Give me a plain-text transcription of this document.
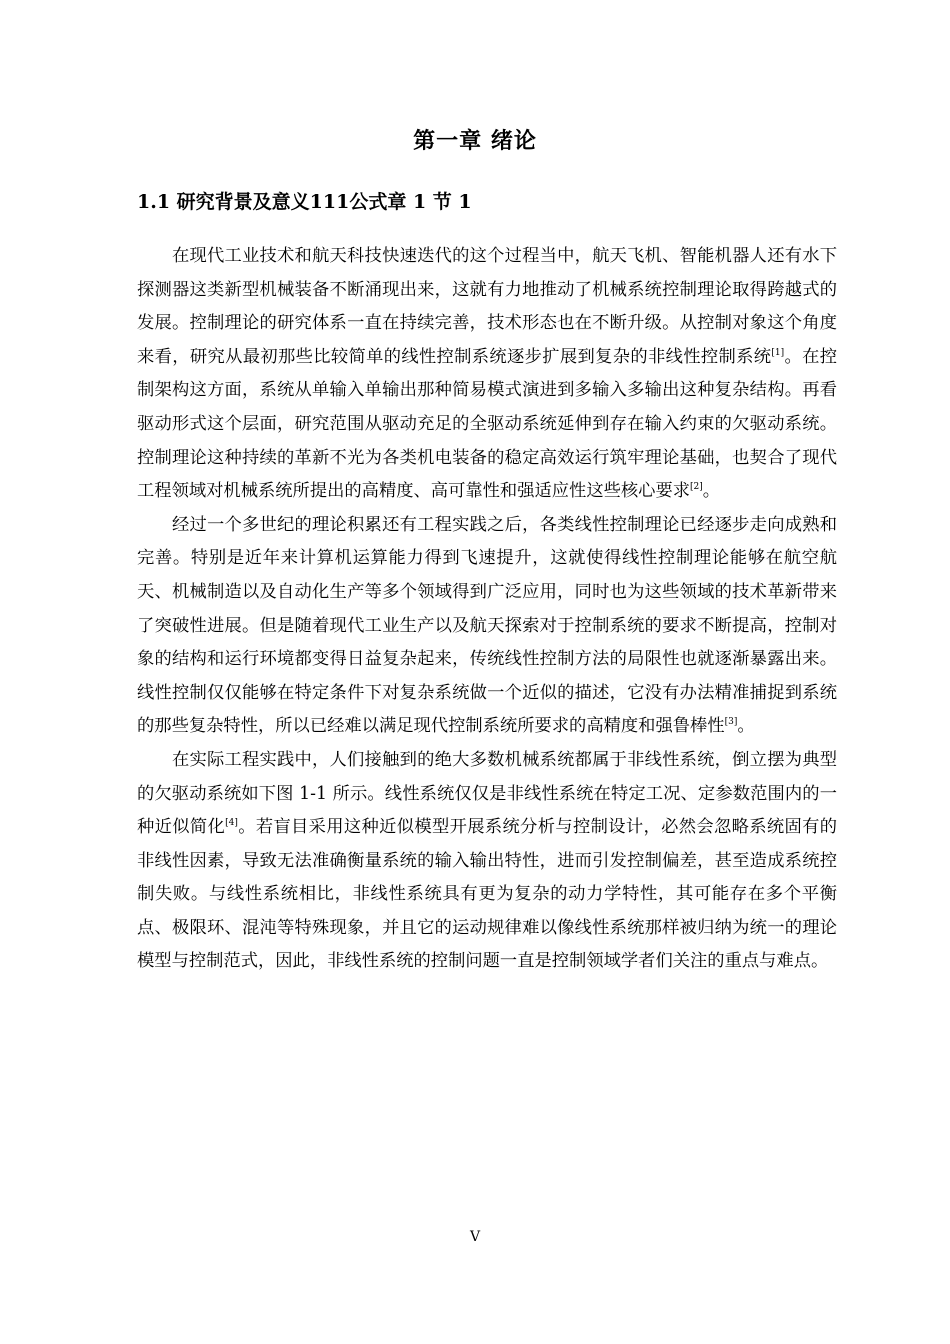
第一章 绪论
1.1 研究背景及意义111公式章 1 节 1

在现代工业技术和航天科技快速迭代的这个过程当中，航天飞机、智能机器人还有水下探测器这类新型机械装备不断涌现出来，这就有力地推动了机械系统控制理论取得跨越式的发展。控制理论的研究体系一直在持续完善，技术形态也在不断升级。从控制对象这个角度来看，研究从最初那些比较简单的线性控制系统逐步扩展到复杂的非线性控制系统[1]。在控制架构这方面，系统从单输入单输出那种简易模式演进到多输入多输出这种复杂结构。再看驱动形式这个层面，研究范围从驱动充足的全驱动系统延伸到存在输入约束的欠驱动系统。控制理论这种持续的革新不光为各类机电装备的稳定高效运行筑牢理论基础，也契合了现代工程领域对机械系统所提出的高精度、高可靠性和强适应性这些核心要求[2]。

经过一个多世纪的理论积累还有工程实践之后，各类线性控制理论已经逐步走向成熟和完善。特别是近年来计算机运算能力得到飞速提升，这就使得线性控制理论能够在航空航天、机械制造以及自动化生产等多个领域得到广泛应用，同时也为这些领域的技术革新带来了突破性进展。但是随着现代工业生产以及航天探索对于控制系统的要求不断提高，控制对象的结构和运行环境都变得日益复杂起来，传统线性控制方法的局限性也就逐渐暴露出来。线性控制仅仅能够在特定条件下对复杂系统做一个近似的描述，它没有办法精准捕捉到系统的那些复杂特性，所以已经难以满足现代控制系统所要求的高精度和强鲁棒性[3]。

在实际工程实践中，人们接触到的绝大多数机械系统都属于非线性系统，倒立摆为典型的欠驱动系统如下图 1-1 所示。线性系统仅仅是非线性系统在特定工况、定参数范围内的一种近似简化[4]。若盲目采用这种近似模型开展系统分析与控制设计，必然会忽略系统固有的非线性因素，导致无法准确衡量系统的输入输出特性，进而引发控制偏差，甚至造成系统控制失败。与线性系统相比，非线性系统具有更为复杂的动力学特性，其可能存在多个平衡点、极限环、混沌等特殊现象，并且它的运动规律难以像线性系统那样被归纳为统一的理论模型与控制范式，因此，非线性系统的控制问题一直是控制领域学者们关注的重点与难点。

V
